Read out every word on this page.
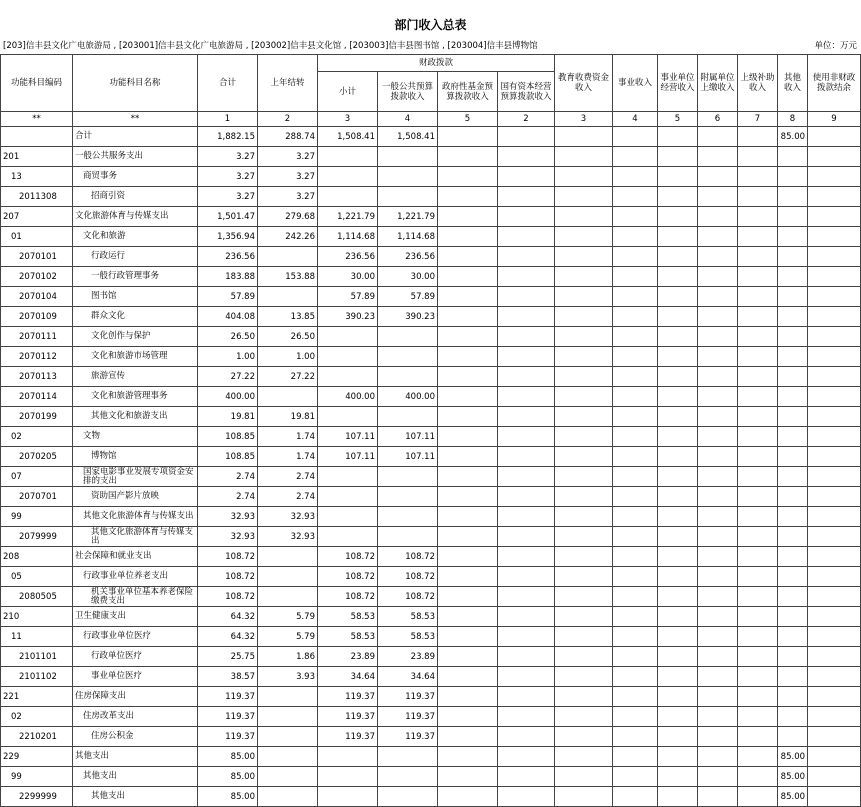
部门收入总表
[203]信丰县文化广电旅游局 , [203001]信丰县文化广电旅游局 , [203002]信丰县文化馆 , [203003]信丰县图书馆 , [203004]信丰县博物馆	单位：万元
功能科目编码	功能科目名称	合计	上年结转	财政拨款				教育收费资金收入	事业收入	事业单位经营收入	附属单位上缴收入	上级补助收入	其他收入	使用非财政拨款结余
				小计	一般公共预算拨款收入	政府性基金预算拨款收入	国有资本经营预算拨款收入							
**	**	1	2	3	4	5	2	3	4	5	6	7	8	9
	合计	1,882.15	288.74	1,508.41	1,508.41								85.00	
201	一般公共服务支出	3.27	3.27											
13	商贸事务	3.27	3.27											
2011308	招商引资	3.27	3.27											
207	文化旅游体育与传媒支出	1,501.47	279.68	1,221.79	1,221.79									
01	文化和旅游	1,356.94	242.26	1,114.68	1,114.68									
2070101	行政运行	236.56		236.56	236.56									
2070102	一般行政管理事务	183.88	153.88	30.00	30.00									
2070104	图书馆	57.89		57.89	57.89									
2070109	群众文化	404.08	13.85	390.23	390.23									
2070111	文化创作与保护	26.50	26.50											
2070112	文化和旅游市场管理	1.00	1.00											
2070113	旅游宣传	27.22	27.22											
2070114	文化和旅游管理事务	400.00		400.00	400.00									
2070199	其他文化和旅游支出	19.81	19.81											
02	文物	108.85	1.74	107.11	107.11									
2070205	博物馆	108.85	1.74	107.11	107.11									
07	国家电影事业发展专项资金安排的支出	2.74	2.74											
2070701	资助国产影片放映	2.74	2.74											
99	其他文化旅游体育与传媒支出	32.93	32.93											
2079999	其他文化旅游体育与传媒支出	32.93	32.93											
208	社会保障和就业支出	108.72		108.72	108.72									
05	行政事业单位养老支出	108.72		108.72	108.72									
2080505	机关事业单位基本养老保险缴费支出	108.72		108.72	108.72									
210	卫生健康支出	64.32	5.79	58.53	58.53									
11	行政事业单位医疗	64.32	5.79	58.53	58.53									
2101101	行政单位医疗	25.75	1.86	23.89	23.89									
2101102	事业单位医疗	38.57	3.93	34.64	34.64									
221	住房保障支出	119.37		119.37	119.37									
02	住房改革支出	119.37		119.37	119.37									
2210201	住房公积金	119.37		119.37	119.37									
229	其他支出	85.00											85.00	
99	其他支出	85.00											85.00	
2299999	其他支出	85.00											85.00	
